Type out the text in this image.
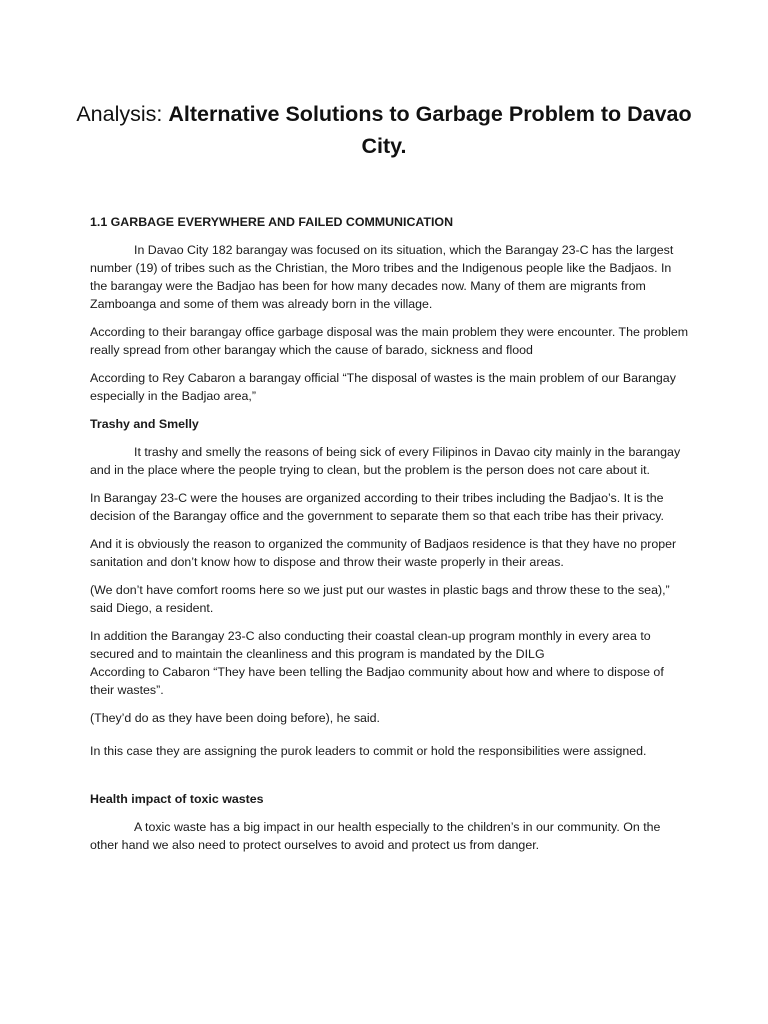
Analysis: Alternative Solutions to Garbage Problem to Davao City.

1.1 GARBAGE EVERYWHERE AND FAILED COMMUNICATION

In Davao City 182 barangay was focused on its situation, which the Barangay 23-C has the largest number (19) of tribes such as the Christian, the Moro tribes and the Indigenous people like the Badjaos. In the barangay were the Badjao has been for how many decades now. Many of them are migrants from Zamboanga and some of them was already born in the village.

According to their barangay office garbage disposal was the main problem they were encounter. The problem really spread from other barangay which the cause of barado, sickness and flood

According to Rey Cabaron a barangay official “The disposal of wastes is the main problem of our Barangay especially in the Badjao area,”

Trashy and Smelly

It trashy and smelly the reasons of being sick of every Filipinos in Davao city mainly in the barangay and in the place where the people trying to clean, but the problem is the person does not care about it.

In Barangay 23-C were the houses are organized according to their tribes including the Badjao’s. It is the decision of the Barangay office and the government to separate them so that each tribe has their privacy.

And it is obviously the reason to organized the community of Badjaos residence is that they have no proper sanitation and don’t know how to dispose and throw their waste properly in their areas.

(We don’t have comfort rooms here so we just put our wastes in plastic bags and throw these to the sea),” said Diego, a resident.

In addition the Barangay 23-C also conducting their coastal clean-up program monthly in every area to secured and to maintain the cleanliness and this program is mandated by the DILG

According to Cabaron “They have been telling the Badjao community about how and where to dispose of their wastes”.

(They’d do as they have been doing before), he said.

In this case they are assigning the purok leaders to commit or hold the responsibilities were assigned.

Health impact of toxic wastes

A toxic waste has a big impact in our health especially to the children’s in our community. On the other hand we also need to protect ourselves to avoid and protect us from danger.
